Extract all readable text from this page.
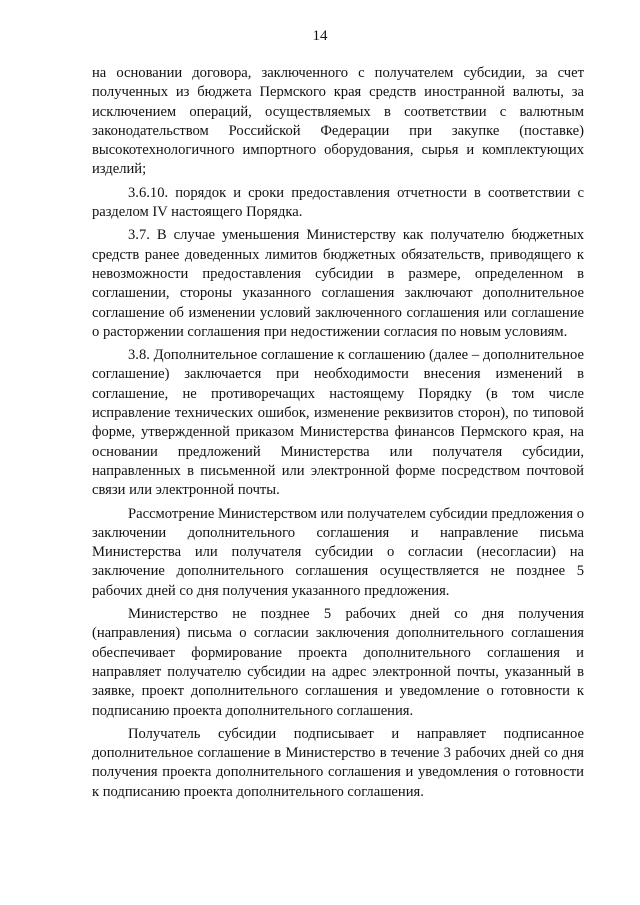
14

на основании договора, заключенного с получателем субсидии, за счет полученных из бюджета Пермского края средств иностранной валюты, за исключением операций, осуществляемых в соответствии с валютным законодательством Российской Федерации при закупке (поставке) высокотехнологичного импортного оборудования, сырья и комплектующих изделий;

3.6.10. порядок и сроки предоставления отчетности в соответствии с разделом IV настоящего Порядка.

3.7. В случае уменьшения Министерству как получателю бюджетных средств ранее доведенных лимитов бюджетных обязательств, приводящего к невозможности предоставления субсидии в размере, определенном в соглашении, стороны указанного соглашения заключают дополнительное соглашение об изменении условий заключенного соглашения или соглашение о расторжении соглашения при недостижении согласия по новым условиям.

3.8. Дополнительное соглашение к соглашению (далее – дополнительное соглашение) заключается при необходимости внесения изменений в соглашение, не противоречащих настоящему Порядку (в том числе исправление технических ошибок, изменение реквизитов сторон), по типовой форме, утвержденной приказом Министерства финансов Пермского края, на основании предложений Министерства или получателя субсидии, направленных в письменной или электронной форме посредством почтовой связи или электронной почты.

Рассмотрение Министерством или получателем субсидии предложения о заключении дополнительного соглашения и направление письма Министерства или получателя субсидии о согласии (несогласии) на заключение дополнительного соглашения осуществляется не позднее 5 рабочих дней со дня получения указанного предложения.

Министерство не позднее 5 рабочих дней со дня получения (направления) письма о согласии заключения дополнительного соглашения обеспечивает формирование проекта дополнительного соглашения и направляет получателю субсидии на адрес электронной почты, указанный в заявке, проект дополнительного соглашения и уведомление о готовности к подписанию проекта дополнительного соглашения.

Получатель субсидии подписывает и направляет подписанное дополнительное соглашение в Министерство в течение 3 рабочих дней со дня получения проекта дополнительного соглашения и уведомления о готовности к подписанию проекта дополнительного соглашения.
